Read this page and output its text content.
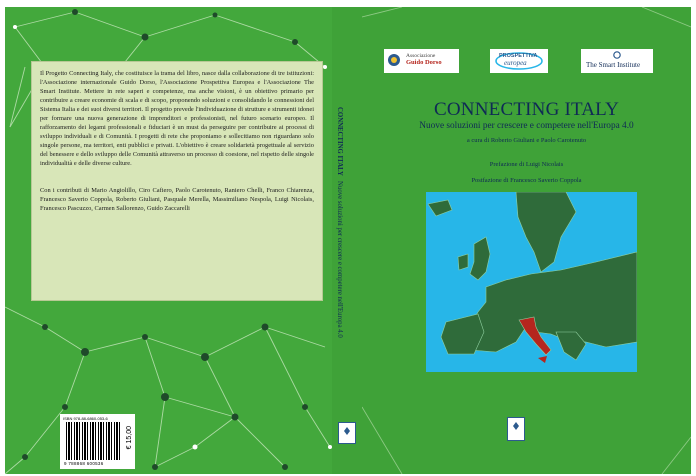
Il Progetto Connecting Italy, che costituisce la trama del libro, nasce dalla collaborazione di tre istituzioni: l'Associazione internazionale Guido Dorso, l'Associazione Prospettiva Europea e l'Associazione The Smart Institute. Mettere in rete saperi e competenze, ma anche visioni, è un obiettivo primario per contribuire a creare economie di scala e di scopo, proponendo soluzioni e consolidando le connessioni del Sistema Italia e dei suoi diversi territori. Il progetto prevede l'individuazione di strutture e strumenti idonei per formare una nuova generazione di imprenditori e professionisti, nel futuro scenario europeo. Il rafforzamento dei legami professionali e fiduciari è un must da perseguire per contribuire ai processi di sviluppo individuali e di Comunità. I progetti di rete che proponiamo e sollecitiamo non riguardano solo singole persone, ma territori, enti pubblici e privati. L'obiettivo è creare solidarietà progettuale al servizio del benessere e dello sviluppo delle Comunità attraverso un processo di coesione, nel rispetto delle singole individualità e delle diverse culture.

Con i contributi di Mario Angiolillo, Ciro Cafiero, Paolo Carotenuto, Raniero Chelli, Franco Chiarenza, Francesco Saverio Coppola, Roberto Giuliani, Pasquale Merella, Massimiliano Nespola, Luigi Nicolais, Francesco Pascuzzo, Carmen Sallorenzo, Guido Zaccarelli

ISBN 978-88-6860-053-6
9 788868 600536
€ 15,00
CONNECTING ITALY   Nuove soluzioni per crescere e competere nell'Europa 4.0
Associazione
Guido Dorso
PROSPETTIVA
europea	The Smart Institute
CONNECTING ITALY
Nuove soluzioni per crescere e competere nell'Europa 4.0
a cura di Roberto Giuliani e Paolo Carotenuto
Prefazione di Luigi Nicolais
Postfazione di Francesco Saverio Coppola
